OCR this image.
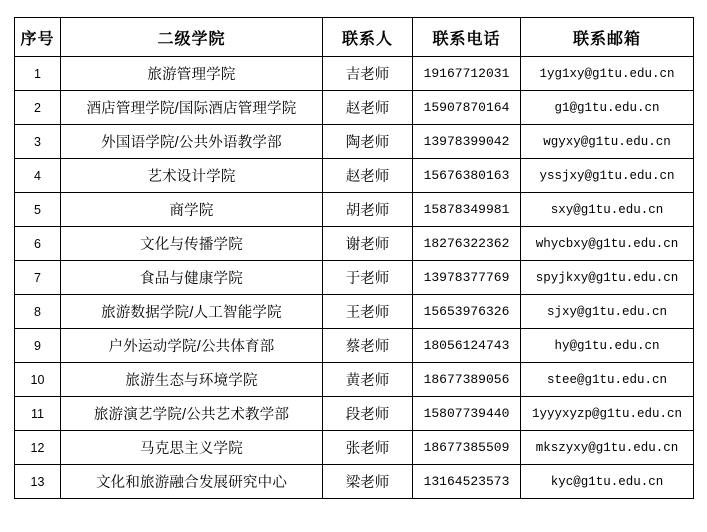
序号	二级学院	联系人	联系电话	联系邮箱
1	旅游管理学院	吉老师	19167712031	1yg1xy@g1tu.edu.cn
2	酒店管理学院/国际酒店管理学院	赵老师	15907870164	g1@g1tu.edu.cn
3	外国语学院/公共外语教学部	陶老师	13978399042	wgyxy@g1tu.edu.cn
4	艺术设计学院	赵老师	15676380163	yssjxy@g1tu.edu.cn
5	商学院	胡老师	15878349981	sxy@g1tu.edu.cn
6	文化与传播学院	谢老师	18276322362	whycbxy@g1tu.edu.cn
7	食品与健康学院	于老师	13978377769	spyjkxy@g1tu.edu.cn
8	旅游数据学院/人工智能学院	王老师	15653976326	sjxy@g1tu.edu.cn
9	户外运动学院/公共体育部	蔡老师	18056124743	hy@g1tu.edu.cn
10	旅游生态与环境学院	黄老师	18677389056	stee@g1tu.edu.cn
11	旅游演艺学院/公共艺术教学部	段老师	15807739440	1yyyxyzp@g1tu.edu.cn
12	马克思主义学院	张老师	18677385509	mkszyxy@g1tu.edu.cn
13	文化和旅游融合发展研究中心	梁老师	13164523573	kyc@g1tu.edu.cn
